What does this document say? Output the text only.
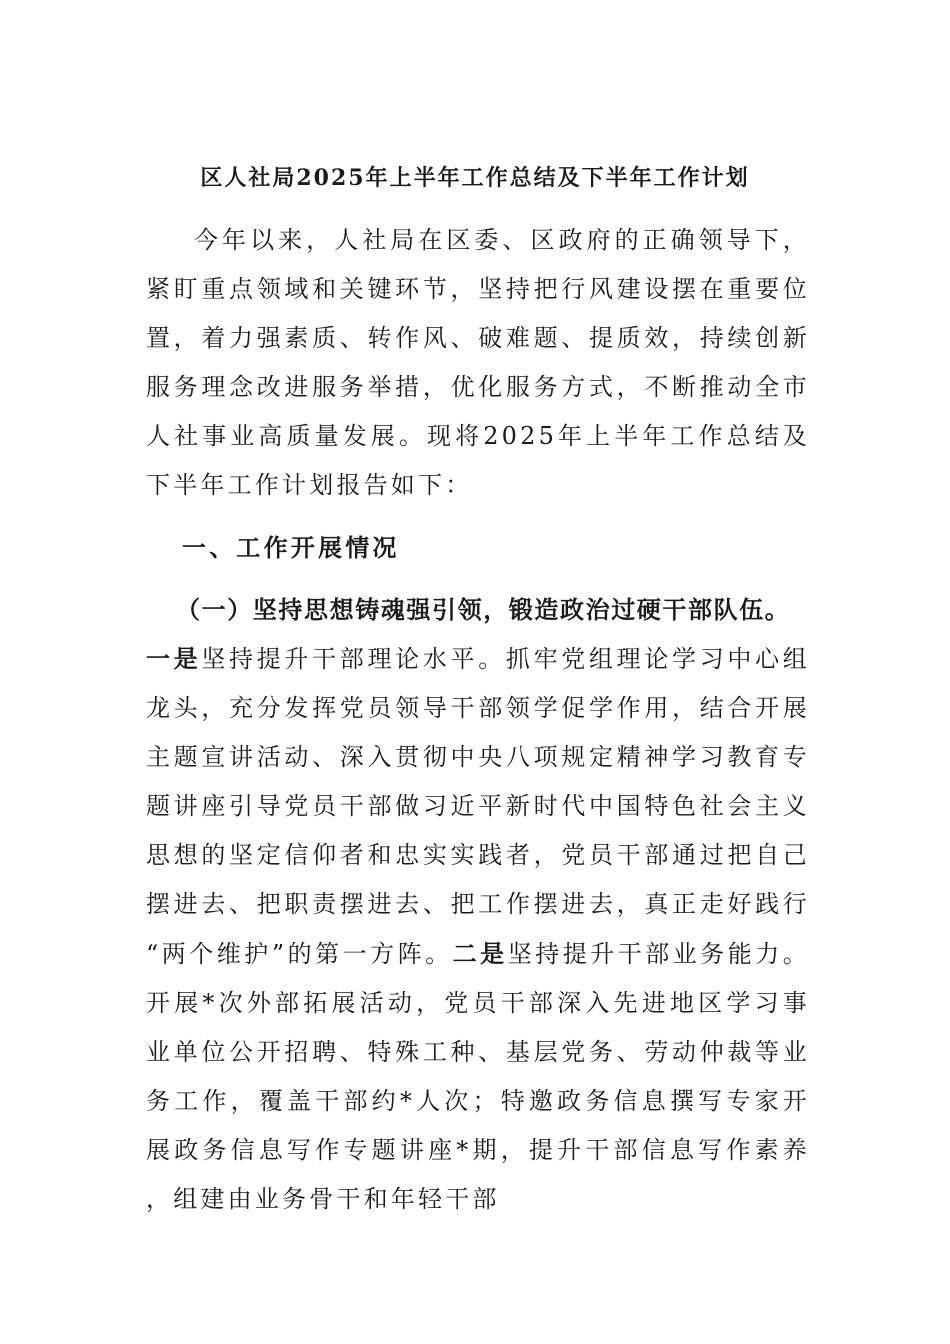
区人社局2025年上半年工作总结及下半年工作计划

今年以来，人社局在区委、区政府的正确领导下，紧盯重点领域和关键环节，坚持把行风建设摆在重要位置，着力强素质、转作风、破难题、提质效，持续创新服务理念改进服务举措，优化服务方式，不断推动全市人社事业高质量发展。现将2025年上半年工作总结及下半年工作计划报告如下：

一、工作开展情况

（一）坚持思想铸魂强引领，锻造政治过硬干部队伍。

一是坚持提升干部理论水平。抓牢党组理论学习中心组龙头，充分发挥党员领导干部领学促学作用，结合开展主题宣讲活动、深入贯彻中央八项规定精神学习教育专题讲座引导党员干部做习近平新时代中国特色社会主义思想的坚定信仰者和忠实实践者，党员干部通过把自己摆进去、把职责摆进去、把工作摆进去，真正走好践行“两个维护”的第一方阵。二是坚持提升干部业务能力。开展*次外部拓展活动，党员干部深入先进地区学习事业单位公开招聘、特殊工种、基层党务、劳动仲裁等业务工作，覆盖干部约*人次；特邀政务信息撰写专家开展政务信息写作专题讲座*期，提升干部信息写作素养，组建由业务骨干和年轻干部
